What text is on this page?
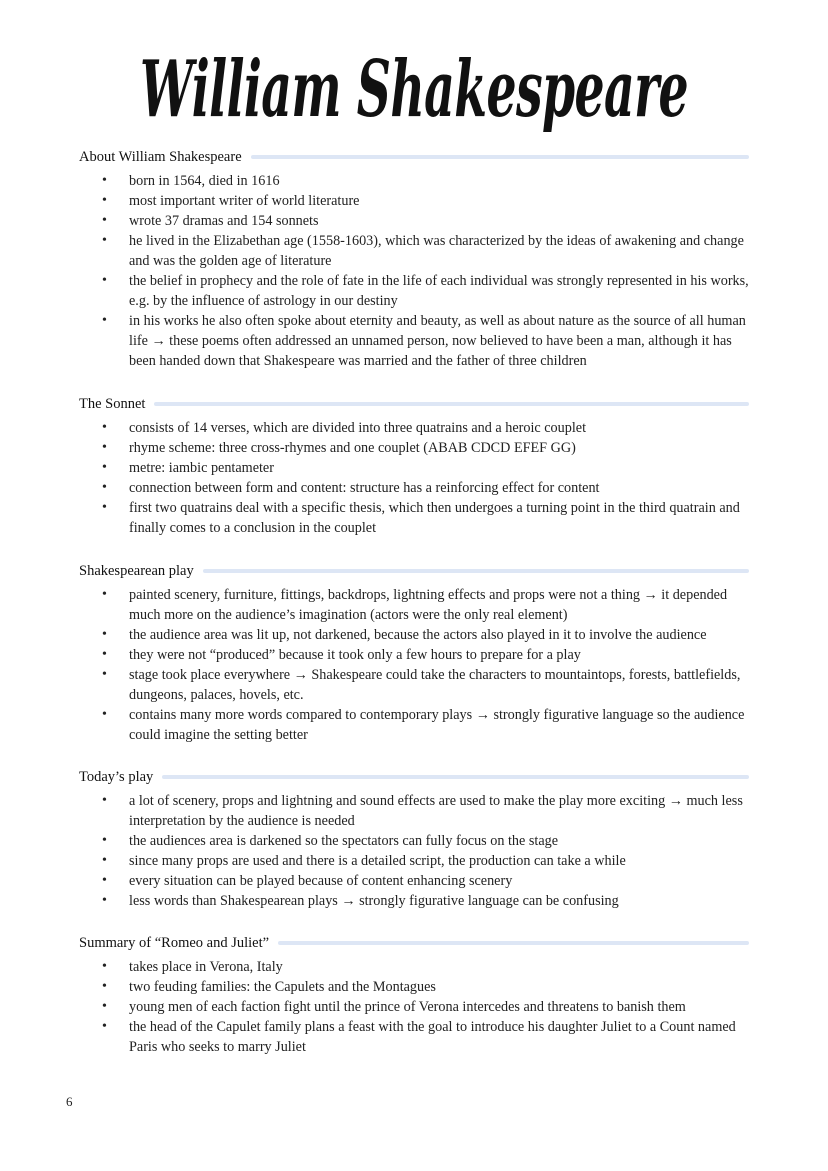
William Shakespeare
About William Shakespeare
• born in 1564, died in 1616
• most important writer of world literature
• wrote 37 dramas and 154 sonnets
• he lived in the Elizabethan age (1558-1603), which was characterized by the ideas of awakening and change and was the golden age of literature
• the belief in prophecy and the role of fate in the life of each individual was strongly represented in his works, e.g. by the influence of astrology in our destiny
• in his works he also often spoke about eternity and beauty, as well as about nature as the source of all human life → these poems often addressed an unnamed person, now believed to have been a man, although it has been handed down that Shakespeare was married and the father of three children
The Sonnet
• consists of 14 verses, which are divided into three quatrains and a heroic couplet
• rhyme scheme: three cross-rhymes and one couplet (ABAB CDCD EFEF GG)
• metre: iambic pentameter
• connection between form and content: structure has a reinforcing effect for content
• first two quatrains deal with a specific thesis, which then undergoes a turning point in the third quatrain and finally comes to a conclusion in the couplet
Shakespearean play
• painted scenery, furniture, fittings, backdrops, lightning effects and props were not a thing → it depended much more on the audience’s imagination (actors were the only real element)
• the audience area was lit up, not darkened, because the actors also played in it to involve the audience
• they were not “produced” because it took only a few hours to prepare for a play
• stage took place everywhere → Shakespeare could take the characters to mountaintops, forests, battlefields, dungeons, palaces, hovels, etc.
• contains many more words compared to contemporary plays → strongly figurative language so the audience could imagine the setting better
Today’s play
• a lot of scenery, props and lightning and sound effects are used to make the play more exciting → much less interpretation by the audience is needed
• the audiences area is darkened so the spectators can fully focus on the stage
• since many props are used and there is a detailed script, the production can take a while
• every situation can be played because of content enhancing scenery
• less words than Shakespearean plays → strongly figurative language can be confusing
Summary of “Romeo and Juliet”
• takes place in Verona, Italy
• two feuding families: the Capulets and the Montagues
• young men of each faction fight until the prince of Verona intercedes and threatens to banish them
• the head of the Capulet family plans a feast with the goal to introduce his daughter Juliet to a Count named Paris who seeks to marry Juliet
6
